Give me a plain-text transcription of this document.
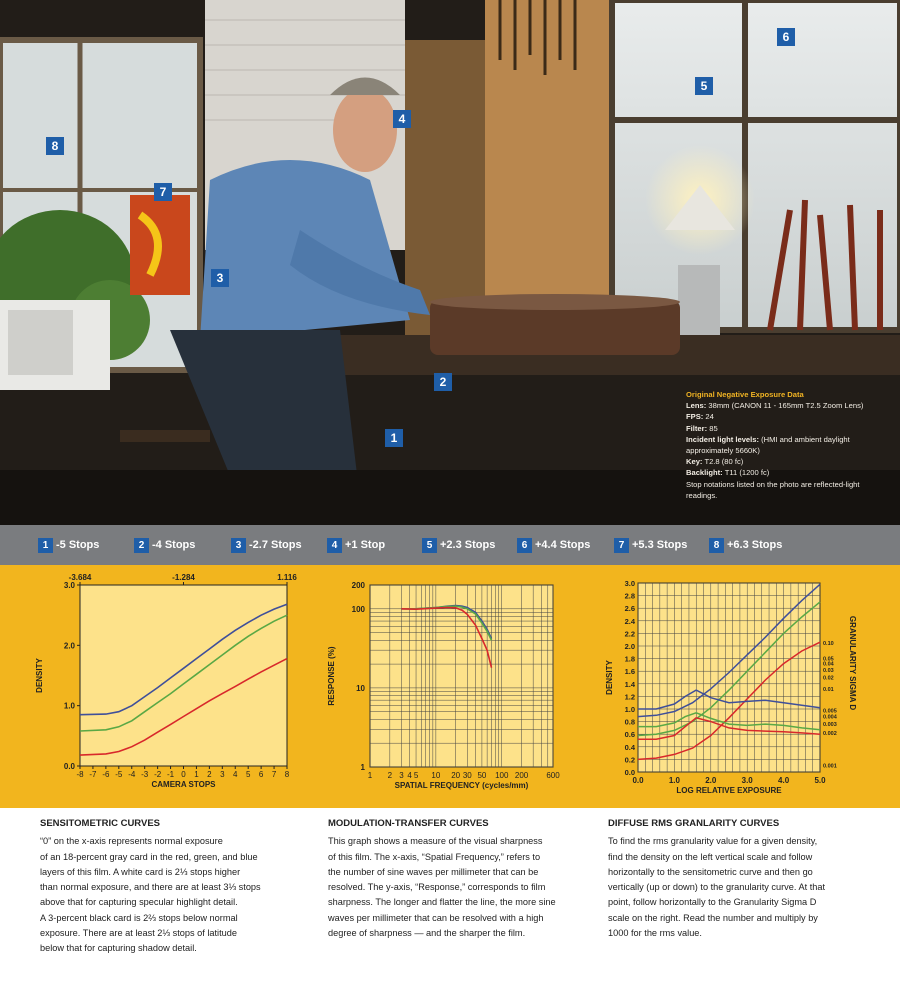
1
2
3
4
5
6
7
8
Original Negative Exposure Data
Lens: 38mm (CANON 11 - 165mm T2.5 Zoom Lens)
FPS: 24
Filter: 85
Incident light levels: (HMI and ambient daylight approximately 5660K)
Key: T2.8 (80 fc)
Backlight: T11 (1200 fc)
Stop notations listed on the photo are reflected-light readings.
1 -5 Stops	2 -4 Stops	3 -2.7 Stops	4 +1 Stop	5 +2.3 Stops	6 +4.4 Stops	7 +5.3 Stops	8 +6.3 Stops
-8 -7 -6 -5 -4 -3 -2 -1 0 1 2 3 4 5 6 7 8
0.0
1.0
2.0
3.0
-3.684	-1.284	1.116
CAMERA STOPS
DENSITY
1 2 3 4 5 10 20 30 50 100 200 600
1
10
100
200
SPATIAL FREQUENCY (cycles/mm)
RESPONSE (%)
0.0	1.0	2.0	3.0	4.0	5.0
0.0
0.2
0.4
0.6
0.8
1.0
1.2
1.4
1.6
1.8
2.0
2.2
2.4
2.6
2.8
3.0
0.10
0.05
0.04
0.03
0.02
0.01
0.005
0.004
0.003
0.002
0.001
LOG RELATIVE EXPOSURE
DENSITY	GRANULARITY SIGMA D
SENSITOMETRIC CURVES
“0” on the x-axis represents normal exposure
of an 18-percent gray card in the red, green, and blue
layers of this film. A white card is 2⅓ stops higher
than normal exposure, and there are at least 3⅓ stops
above that for capturing specular highlight detail.
A 3-percent black card is 2⅔ stops below normal
exposure. There are at least 2⅓ stops of latitude
below that for capturing shadow detail.
MODULATION-TRANSFER CURVES
This graph shows a measure of the visual sharpness
of this film. The x-axis, “Spatial Frequency,” refers to
the number of sine waves per millimeter that can be
resolved. The y-axis, “Response,” corresponds to film
sharpness. The longer and flatter the line, the more sine
waves per millimeter that can be resolved with a high
degree of sharpness — and the sharper the film.
DIFFUSE RMS GRANLARITY CURVES
To find the rms granularity value for a given density,
find the density on the left vertical scale and follow
horizontally to the sensitometric curve and then go
vertically (up or down) to the granularity curve. At that
point, follow horizontally to the Granularity Sigma D
scale on the right. Read the number and multiply by
1000 for the rms value.
